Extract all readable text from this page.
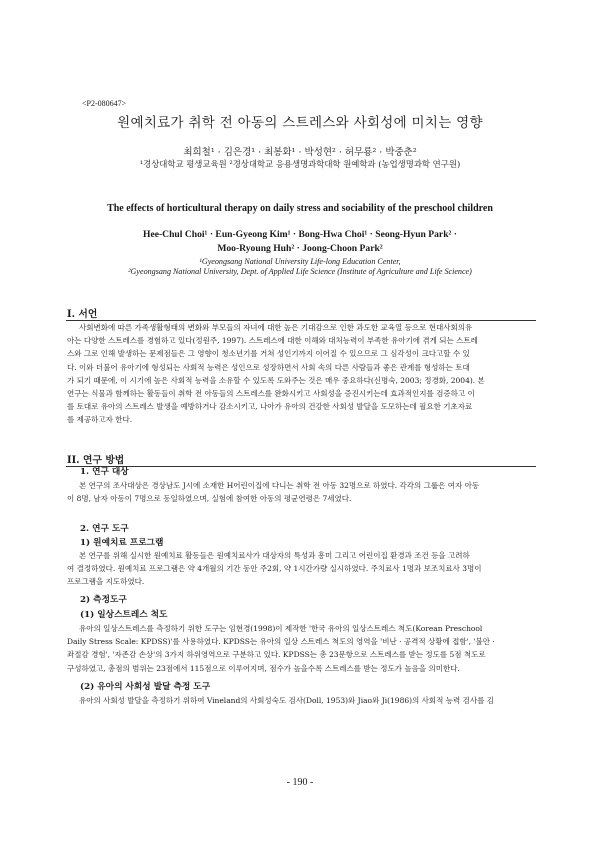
<P2-080647>
원예치료가 취학 전 아동의 스트레스와 사회성에 미치는 영향
최희철¹ · 김은경¹ · 최봉화¹ · 박성현² · 허무룡² · 박중춘²
¹경상대학교 평생교육원 ²경상대학교 응용생명과학대학 원예학과 (농업생명과학 연구원)
The effects of horticultural therapy on daily stress and sociability of the preschool children
Hee-Chul Choi¹ · Eun-Gyeong Kim¹ · Bong-Hwa Choi¹ · Seong-Hyun Park² ·
Moo-Ryoung Huh² · Joong-Choon Park²
¹Gyeongsang National University Life-long Education Center,
²Gyeongsang National University, Dept. of Applied Life Science (Institute of Agriculture and Life Science)
I. 서언
사회변화에 따른 가족생활형태의 변화와 부모들의 자녀에 대한 높은 기대감으로 인한 과도한 교육열 등으로 현대사회의유
아는 다양한 스트레스를 경험하고 있다(정원주, 1997). 스트레스에 대한 이해와 대처능력이 부족한 유아기에 겪게 되는 스트레
스와 그로 인해 발생하는 문제점들은 그 영향이 청소년기를 거쳐 성인기까지 이어질 수 있으므로 그 심각성이 크다고할 수 있
다. 이와 더불어 유아기에 형성되는 사회적 능력은 성인으로 성장하면서 사회 속의 다른 사람들과 좋은 관계를 형성하는 토대
가 되기 때문에, 이 시기에 높은 사회적 능력을 소유할 수 있도록 도와주는 것은 매우 중요하다(신명숙, 2003; 정경화, 2004). 본
연구는 식물과 함께하는 활동들이 취학 전 아동들의 스트레스를 완화시키고 사회성을 증진시키는데 효과적인지를 검증하고 이
를 토대로 유아의 스트레스 발생을 예방하거나 감소시키고, 나아가 유아의 건강한 사회성 발달을 도모하는데 필요한 기초자료
를 제공하고자 한다.
II. 연구 방법
1. 연구 대상
본 연구의 조사대상은 경상남도 J시에 소재한 H어린이집에 다니는 취학 전 아동 32명으로 하였다. 각각의 그룹은 여자 아동
이 8명, 남자 아동이 7명으로 동일하였으며, 실험에 참여한 아동의 평균연령은 7세였다.
2. 연구 도구
1) 원예치료 프로그램
본 연구를 위해 실시한 원예치료 활동들은 원예치료사가 대상자의 특성과 흥미 그리고 어린이집 환경과 조건 등을 고려하
여 결정하였다. 원예치료 프로그램은 약 4개월의 기간 동안 주2회, 약 1시간가량 실시하였다. 주치료사 1명과 보조치료사 3명이
프로그램을 지도하였다.
2) 측정도구
(1) 일상스트레스 척도
유아의 일상스트레스를 측정하기 위한 도구는 임현경(1998)이 제작한 '한국 유아의 일상스트레스 척도(Korean Preschool
Daily Stress Scale: KPDSS)'를 사용하였다. KPDSS는 유아의 일상 스트레스 척도의 영역을 '비난 · 공격적 상황에 접함', '불안 ·
좌절감 경험', '자존감 손상'의 3가지 하위영역으로 구분하고 있다. KPDSS는 총 23문항으로 스트레스를 받는 정도를 5점 척도로
구성하였고, 총점의 범위는 23점에서 115점으로 이루어지며, 점수가 높을수록 스트레스를 받는 정도가 높음을 의미한다.
(2) 유아의 사회성 발달 측정 도구
유아의 사회성 발달을 측정하기 위하여 Vineland의 사회성숙도 검사(Doll, 1953)와 Jiao와 Ji(1986)의 사회적 능력 검사를 김
- 190 -
